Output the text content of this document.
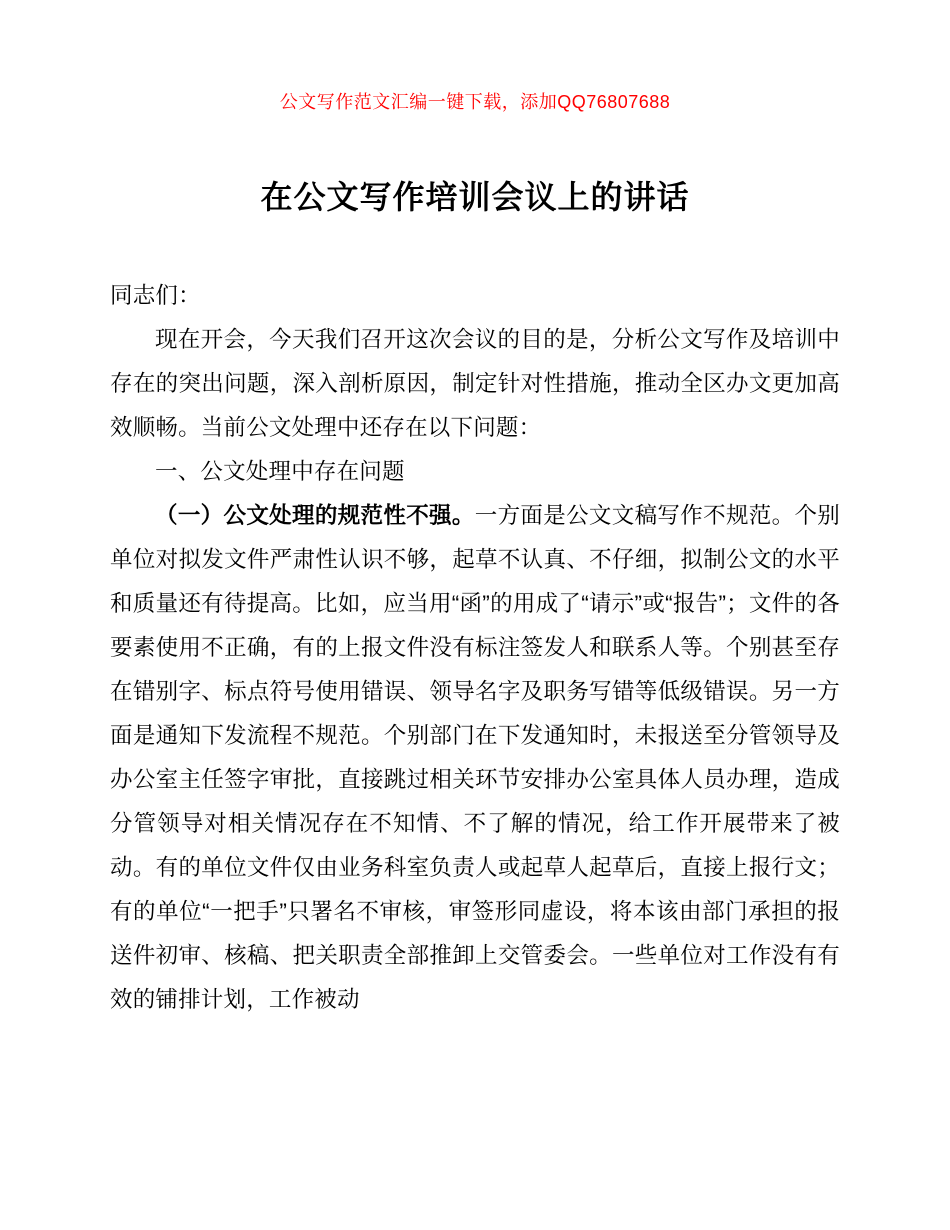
公文写作范文汇编一键下载，添加QQ76807688
在公文写作培训会议上的讲话
同志们：
现在开会，今天我们召开这次会议的目的是，分析公文写作及培训中存在的突出问题，深入剖析原因，制定针对性措施，推动全区办文更加高效顺畅。当前公文处理中还存在以下问题：
一、公文处理中存在问题
（一）公文处理的规范性不强。一方面是公文文稿写作不规范。个别单位对拟发文件严肃性认识不够，起草不认真、不仔细，拟制公文的水平和质量还有待提高。比如，应当用“函”的用成了“请示”或“报告”；文件的各要素使用不正确，有的上报文件没有标注签发人和联系人等。个别甚至存在错别字、标点符号使用错误、领导名字及职务写错等低级错误。另一方面是通知下发流程不规范。个别部门在下发通知时，未报送至分管领导及办公室主任签字审批，直接跳过相关环节安排办公室具体人员办理，造成分管领导对相关情况存在不知情、不了解的情况，给工作开展带来了被动。有的单位文件仅由业务科室负责人或起草人起草后，直接上报行文；有的单位“一把手”只署名不审核，审签形同虚设，将本该由部门承担的报送件初审、核稿、把关职责全部推卸上交管委会。一些单位对工作没有有效的铺排计划，工作被动
